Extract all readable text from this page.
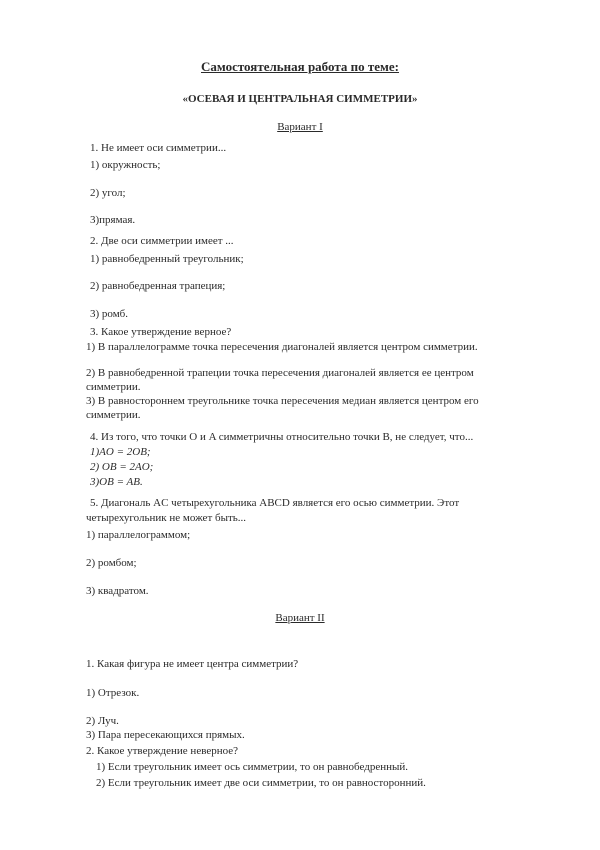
Самостоятельная работа по теме:
«ОСЕВАЯ И ЦЕНТРАЛЬНАЯ СИММЕТРИИ»
Вариант I
1. Не имеет оси симметрии...
1) окружность;
2) угол;
3)прямая.
2. Две оси симметрии имеет ...
1) равнобедренный треугольник;
2) равнобедренная трапеция;
3) ромб.
3. Какое утверждение верное?
1) В параллелограмме точка пересечения диагоналей является центром симметрии.
2) В равнобедренной трапеции точка пересечения диагоналей является ее центром
симметрии.
3) В равностороннем треугольнике точка пересечения медиан является центром его
симметрии.
4. Из того, что точки O и A симметричны относительно точки B, не следует, что...
1)AO = 2OB;
2) OB = 2AO;
3)OB = AB.
5. Диагональ AC четырехугольника ABCD является его осью симметрии. Этот
четырехугольник не может быть...
1) параллелограммом;
2) ромбом;
3) квадратом.
Вариант II
1. Какая фигура не имеет центра симметрии?
1) Отрезок.
2) Луч.
3) Пара пересекающихся прямых.
2. Какое утверждение неверное?
1) Если треугольник имеет ось симметрии, то он равнобедренный.
2) Если треугольник имеет две оси симметрии, то он равносторонний.
